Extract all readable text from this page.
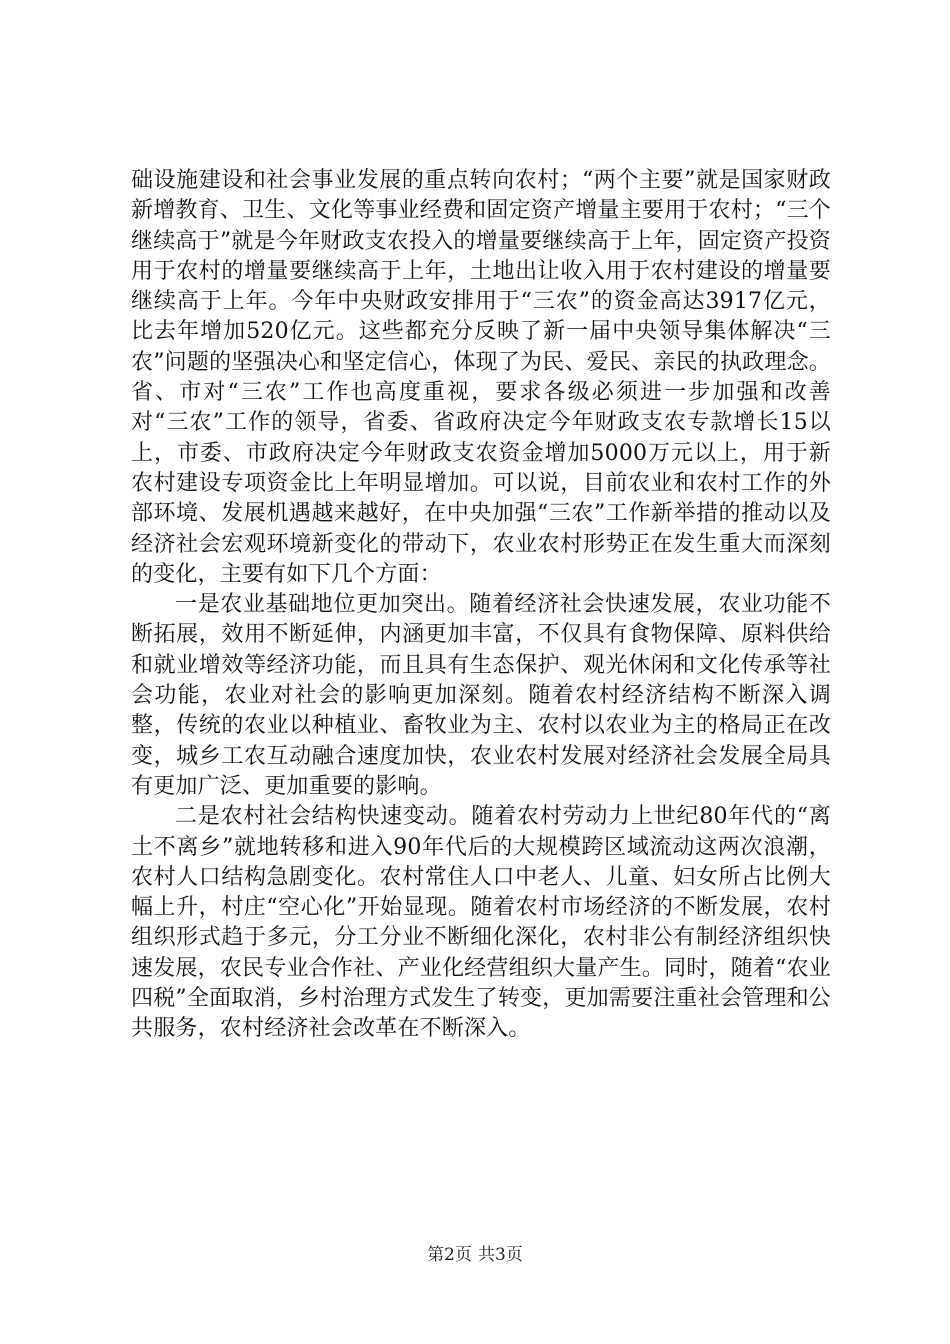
础设施建设和社会事业发展的重点转向农村；“两个主要”就是国家财政新增教育、卫生、文化等事业经费和固定资产增量主要用于农村；“三个继续高于”就是今年财政支农投入的增量要继续高于上年，固定资产投资用于农村的增量要继续高于上年，土地出让收入用于农村建设的增量要继续高于上年。今年中央财政安排用于“三农”的资金高达3917亿元，比去年增加520亿元。这些都充分反映了新一届中央领导集体解决“三农”问题的坚强决心和坚定信心，体现了为民、爱民、亲民的执政理念。省、市对“三农”工作也高度重视，要求各级必须进一步加强和改善对“三农”工作的领导，省委、省政府决定今年财政支农专款增长15以上，市委、市政府决定今年财政支农资金增加5000万元以上，用于新农村建设专项资金比上年明显增加。可以说，目前农业和农村工作的外部环境、发展机遇越来越好，在中央加强“三农”工作新举措的推动以及经济社会宏观环境新变化的带动下，农业农村形势正在发生重大而深刻的变化，主要有如下几个方面：

一是农业基础地位更加突出。随着经济社会快速发展，农业功能不断拓展，效用不断延伸，内涵更加丰富，不仅具有食物保障、原料供给和就业增效等经济功能，而且具有生态保护、观光休闲和文化传承等社会功能，农业对社会的影响更加深刻。随着农村经济结构不断深入调整，传统的农业以种植业、畜牧业为主、农村以农业为主的格局正在改变，城乡工农互动融合速度加快，农业农村发展对经济社会发展全局具有更加广泛、更加重要的影响。

二是农村社会结构快速变动。随着农村劳动力上世纪80年代的“离土不离乡”就地转移和进入90年代后的大规模跨区域流动这两次浪潮，农村人口结构急剧变化。农村常住人口中老人、儿童、妇女所占比例大幅上升，村庄“空心化”开始显现。随着农村市场经济的不断发展，农村组织形式趋于多元，分工分业不断细化深化，农村非公有制经济组织快速发展，农民专业合作社、产业化经营组织大量产生。同时，随着“农业四税”全面取消，乡村治理方式发生了转变，更加需要注重社会管理和公共服务，农村经济社会改革在不断深入。

第2页 共3页
